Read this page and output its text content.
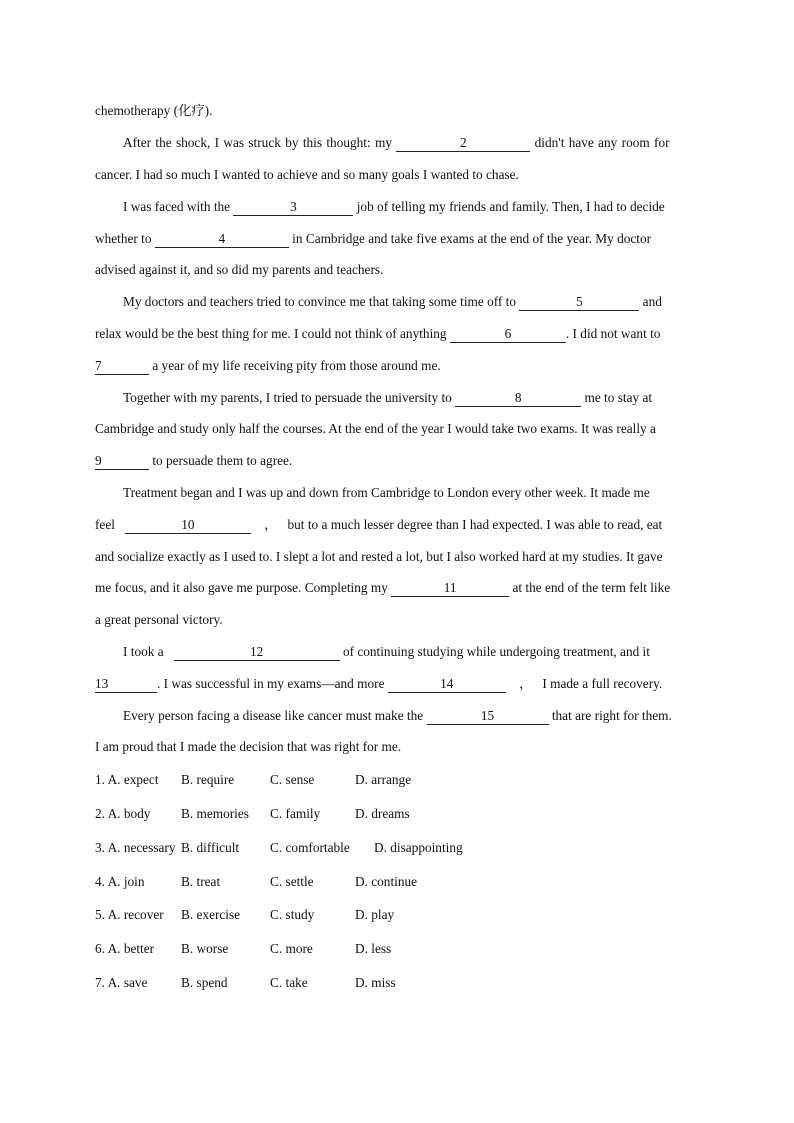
chemotherapy (化疗).
After the shock, I was struck by this thought: my	2	didn't have any room for
cancer. I had so much I wanted to achieve and so many goals I wanted to chase.
I was faced with the	3	job of telling my friends and family. Then, I had to decide
whether to	4	in Cambridge and take five exams at the end of the year. My doctor
advised against it, and so did my parents and teachers.
My doctors and teachers tried to convince me that taking some time off to	5	and
relax would be the best thing for me. I could not think of anything	6	. I did not want to
7	a year of my life receiving pity from those around me.
Together with my parents, I tried to persuade the university to	8	me to stay at
Cambridge and study only half the courses. At the end of the year I would take two exams. It was really a
9	to persuade them to agree.
Treatment began and I was up and down from Cambridge to London every other week. It made me
feel	10	， but to a much lesser degree than I had expected. I was able to read, eat
and socialize exactly as I used to. I slept a lot and rested a lot, but I also worked hard at my studies. It gave
me focus, and it also gave me purpose. Completing my	11	at the end of the term felt like
a great personal victory.
I took a	12	of continuing studying while undergoing treatment, and it
13	. I was successful in my exams—and more	14	， I made a full recovery.
Every person facing a disease like cancer must make the	15	that are right for them.
I am proud that I made the decision that was right for me.
1. A. expect B. require	C. sense	D. arrange
2. A. body B. memories C. family	D. dreams
3. A. necessary B. difficult C. comfortable D. disappointing
4. A. join	B. treat	C. settle	D. continue
5. A. recover B. exercise C. study	D. play
6. A. better B. worse	C. more	D. less
7. A. save	B. spend	C. take	D. miss
